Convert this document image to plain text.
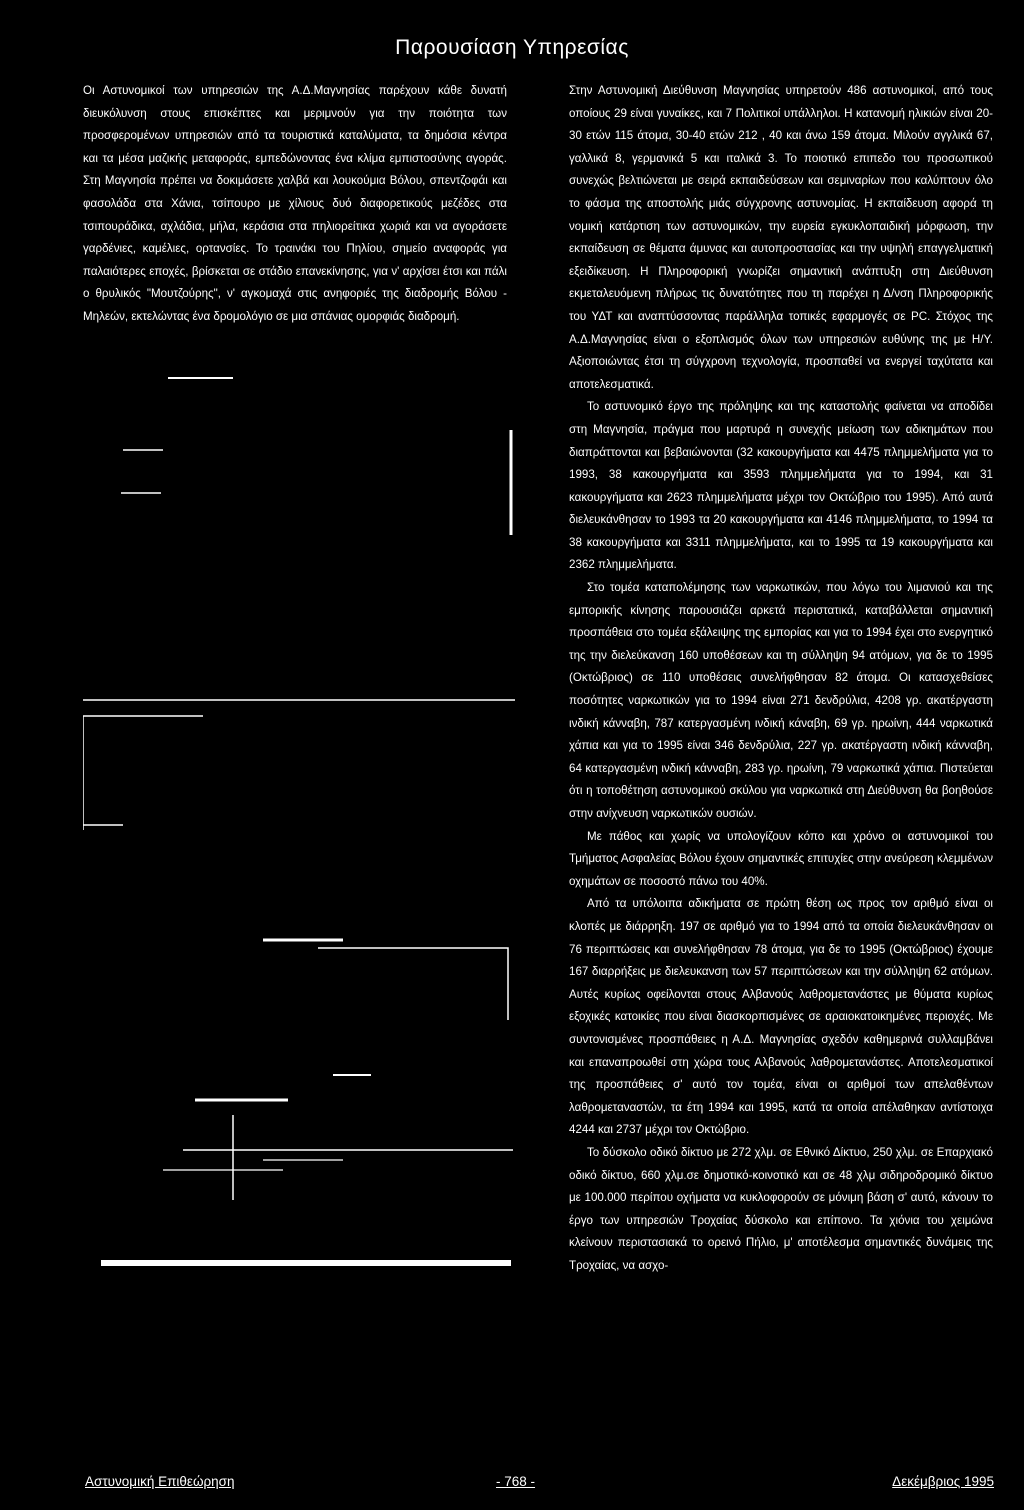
Παρουσίαση Υπηρεσίας

Οι Αστυνομικοί των υπηρεσιών της Α.Δ.Μαγνησίας παρέχουν κάθε δυνατή διευκόλυνση στους επισκέπτες και μεριμνούν για την ποιότητα των προσφερομένων υπηρεσιών από τα τουριστικά καταλύματα, τα δημόσια κέντρα και τα μέσα μαζικής μεταφοράς, εμπεδώνοντας ένα κλίμα εμπιστοσύνης αγοράς. Στη Μαγνησία πρέπει να δοκιμάσετε χαλβά και λουκούμια Βόλου, σπεντζοφάι και φασολάδα στα Χάνια, τσίπουρο με χίλιους δυό διαφορετικούς μεζέδες στα τσιπουράδικα, αχλάδια, μήλα, κεράσια στα πηλιορείτικα χωριά και να αγοράσετε γαρδένιες, καμέλιες, ορτανσίες. Το τραινάκι του Πηλίου, σημείο αναφοράς για παλαιότερες εποχές, βρίσκεται σε στάδιο επανεκίνησης, για ν' αρχίσει έτσι και πάλι ο θρυλικός "Μουτζούρης", ν' αγκομαχά στις ανηφοριές της διαδρομής Βόλου - Μηλεών, εκτελώντας ένα δρομολόγιο σε μια σπάνιας ομορφιάς διαδρομή.

Στην Αστυνομική Διεύθυνση Μαγνησίας υπηρετούν 486 αστυνομικοί, από τους οποίους 29 είναι γυναίκες, και 7 Πολιτικοί υπάλληλοι. Η κατανομή ηλικιών είναι 20-30 ετών 115 άτομα, 30-40 ετών 212 , 40 και άνω 159 άτομα. Μιλούν αγγλικά 67, γαλλικά 8, γερμανικά 5 και ιταλικά 3. Το ποιοτικό επιπεδο του προσωπικού συνεχώς βελτιώνεται με σειρά εκπαιδεύσεων και σεμιναρίων που καλύπτουν όλο το φάσμα της αποστολής μιάς σύγχρονης αστυνομίας. Η εκπαίδευση αφορά τη νομική κατάρτιση των αστυνομικών, την ευρεία εγκυκλοπαιδική μόρφωση, την εκπαίδευση σε θέματα άμυνας και αυτοπροστασίας και την υψηλή επαγγελματική εξειδίκευση. Η Πληροφορική γνωρίζει σημαντική ανάπτυξη στη Διεύθυνση εκμεταλευόμενη πλήρως τις δυνατότητες που τη παρέχει η Δ/νση Πληροφορικής του ΥΔΤ και αναπτύσσοντας παράλληλα τοπικές εφαρμογές σε PC. Στόχος της Α.Δ.Μαγνησίας είναι ο εξοπλισμός όλων των υπηρεσιών ευθύνης της με Η/Υ. Αξιοποιώντας έτσι τη σύγχρονη τεχνολογία, προσπαθεί να ενεργεί ταχύτατα και αποτελεσματικά.

Το αστυνομικό έργο της πρόληψης και της καταστολής φαίνεται να αποδίδει στη Μαγνησία, πράγμα που μαρτυρά η συνεχής μείωση των αδικημάτων που διαπράττονται και βεβαιώνονται (32 κακουργήματα και 4475 πλημμελήματα για το 1993, 38 κακουργήματα και 3593 πλημμελήματα για το 1994, και 31 κακουργήματα και 2623 πλημμελήματα μέχρι τον Οκτώβριο του 1995). Από αυτά διελευκάνθησαν το 1993 τα 20 κακουργήματα και 4146 πλημμελήματα, το 1994 τα 38 κακουργήματα και 3311 πλημμελήματα, και το 1995 τα 19 κακουργήματα και 2362 πλημμελήματα.

Στο τομέα καταπολέμησης των ναρκωτικών, που λόγω του λιμανιού και της εμπορικής κίνησης παρουσιάζει αρκετά περιστατικά, καταβάλλεται σημαντική προσπάθεια στο τομέα εξάλειψης της εμπορίας και για το 1994 έχει στο ενεργητικό της την διελεύκανση 160 υποθέσεων και τη σύλληψη 94 ατόμων, για δε το 1995 (Οκτώβριος) σε 110 υποθέσεις συνελήφθησαν 82 άτομα. Οι κατασχεθείσες ποσότητες ναρκωτικών για το 1994 είναι 271 δενδρύλια, 4208 γρ. ακατέργαστη ινδική κάνναβη, 787 κατεργασμένη ινδική κάναβη, 69 γρ. ηρωίνη, 444 ναρκωτικά χάπια και για το 1995 είναι 346 δενδρύλια, 227 γρ. ακατέργαστη ινδική κάνναβη, 64 κατεργασμένη ινδική κάνναβη, 283 γρ. ηρωίνη, 79 ναρκωτικά χάπια. Πιστεύεται ότι η τοποθέτηση αστυνομικού σκύλου για ναρκωτικά στη Διεύθυνση θα βοηθούσε στην ανίχνευση ναρκωτικών ουσιών.

Με πάθος και χωρίς να υπολογίζουν κόπο και χρόνο οι αστυνομικοί του Τμήματος Ασφαλείας Βόλου έχουν σημαντικές επιτυχίες στην ανεύρεση κλεμμένων οχημάτων σε ποσοστό πάνω του 40%.

Από τα υπόλοιπα αδικήματα σε πρώτη θέση ως προς τον αριθμό είναι οι κλοπές με διάρρηξη. 197 σε αριθμό για το 1994 από τα οποία διελευκάνθησαν οι 76 περιπτώσεις και συνελήφθησαν 78 άτομα, για δε το 1995 (Οκτώβριος) έχουμε 167 διαρρήξεις με διελευκανση των 57 περιπτώσεων και την σύλληψη 62 ατόμων. Αυτές κυρίως οφείλονται στους Αλβανούς λαθρομετανάστες με θύματα κυρίως εξοχικές κατοικίες που είναι διασκορπισμένες σε αραιοκατοικημένες περιοχές. Με συντονισμένες προσπάθειες η Α.Δ. Μαγνησίας σχεδόν καθημερινά συλλαμβάνει και επαναπροωθεί στη χώρα τους Αλβανούς λαθρομετανάστες. Αποτελεσματικοί της προσπάθειες σ' αυτό τον τομέα, είναι οι αριθμοί των απελαθέντων λαθρομεταναστών, τα έτη 1994 και 1995, κατά τα οποία απέλαθηκαν αντίστοιχα 4244 και 2737 μέχρι τον Οκτώβριο.

Το δύσκολο οδικό δίκτυο με 272 χλμ. σε Εθνικό Δίκτυο, 250 χλμ. σε Επαρχιακό οδικό δίκτυο, 660 χλμ.σε δημοτικό-κοινοτικό και σε 48 χλμ σιδηροδρομικό δίκτυο με 100.000 περίπου οχήματα να κυκλοφορούν σε μόνιμη βάση σ' αυτό, κάνουν το έργο των υπηρεσιών Τροχαίας δύσκολο και επίπονο. Τα χιόνια του χειμώνα κλείνουν περιστασιακά το ορεινό Πήλιο, μ' αποτέλεσμα σημαντικές δυνάμεις της Τροχαίας, να ασχο-

Αστυνομική Επιθεώρηση	- 768 -	Δεκέμβριος 1995
